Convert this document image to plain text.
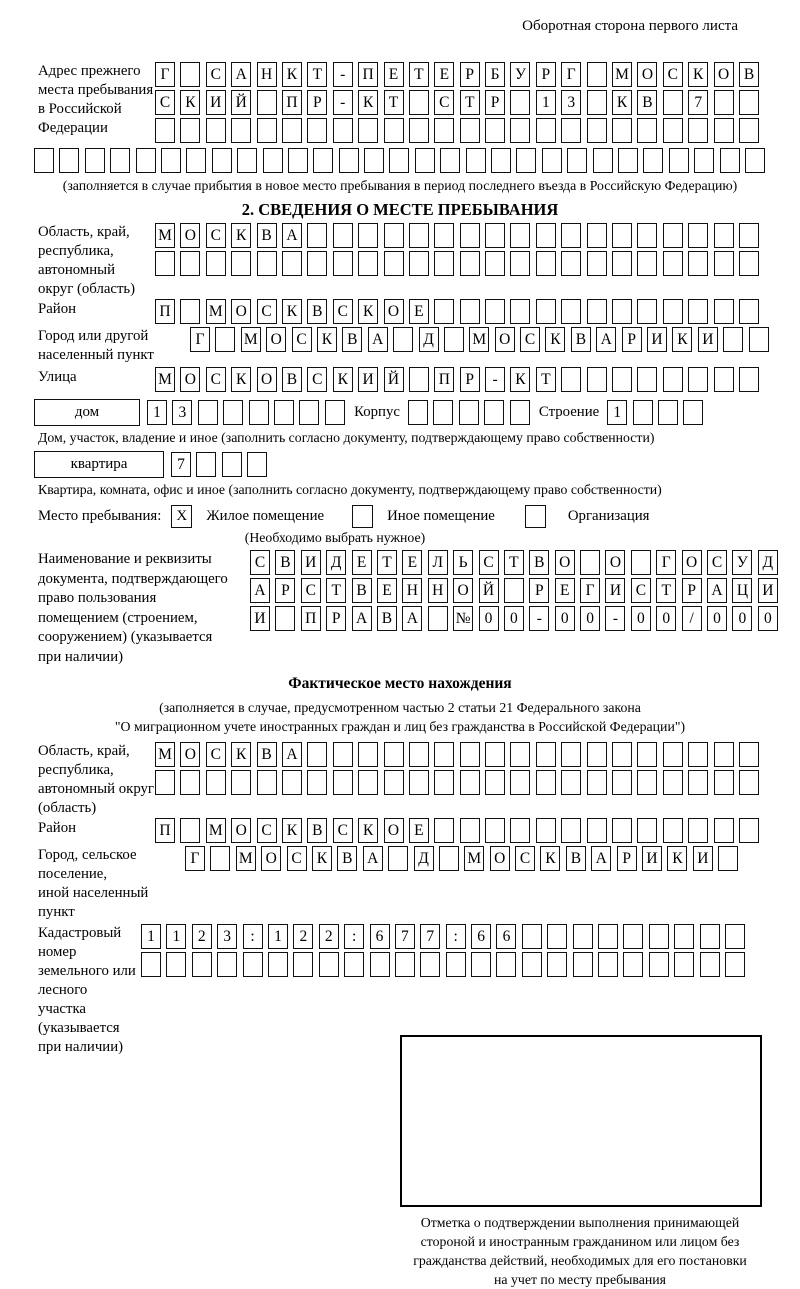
Оборотная сторона первого листа
Адрес прежнего
места пребывания
в Российской
Федерации
Г	С А Н К Т	-	П Е	Т	Е	Р	Б У	Р	Г	М О С К О В
С К И Й	П Р	-	К Т	С Т	Р	1	3	К В	7
(заполняется в случае прибытия в новое место пребывания в период последнего въезда в Российскую Федерацию)
2. СВЕДЕНИЯ О МЕСТЕ ПРЕБЫВАНИЯ
Область, край,
республика,
автономный
округ (область)
М О С К В А
Район	П М О С К В С К О Е
Город или другой
населенный пункт
Г	М О С К В А	Д	М О С К В А Р И К И
Улица	М О С К О В С К И Й	П Р	-	К Т
дом	1	3	Корпус	Строение 1
Дом, участок, владение и иное (заполнить согласно документу, подтверждающему право собственности)
квартира	7
Квартира, комната, офис и иное (заполнить согласно документу, подтверждающему право собственности)
Место пребывания:	X	Жилое помещение	Иное помещение	Организация
(Необходимо выбрать нужное)
Наименование и реквизиты
документа, подтверждающего
право пользования
помещением (строением,
сооружением) (указывается
при наличии)
С В И Д Е	Т	Е Л	Ь	С Т В О	О	Г О С У Д
А Р	С Т В Е Н Н О Й	Р	Е	Г И С Т	Р А Ц И
И	П Р А В А № 0	0	-	0	0	-	0	0	/	0	0	0
Фактическое место нахождения
(заполняется в случае, предусмотренном частью 2 статьи 21 Федерального закона
"О миграционном учете иностранных граждан и лиц без гражданства в Российской Федерации")
Область, край,
республика,
автономный округ
(область)
М О С К В А
Район	П М О С К В С К О Е
Город, сельское поселение,
иной населенный пункт
Г	М О С К В А	Д	М О С К В А Р И К И
Кадастровый номер
земельного или лесного
участка (указывается
при наличии)
1	1	2	3	:	1	2	2	:	6	7	7	:	6	6
Отметка о подтверждении выполнения принимающей
стороной и иностранным гражданином или лицом без
гражданства действий, необходимых для его постановки
на учет по месту пребывания
